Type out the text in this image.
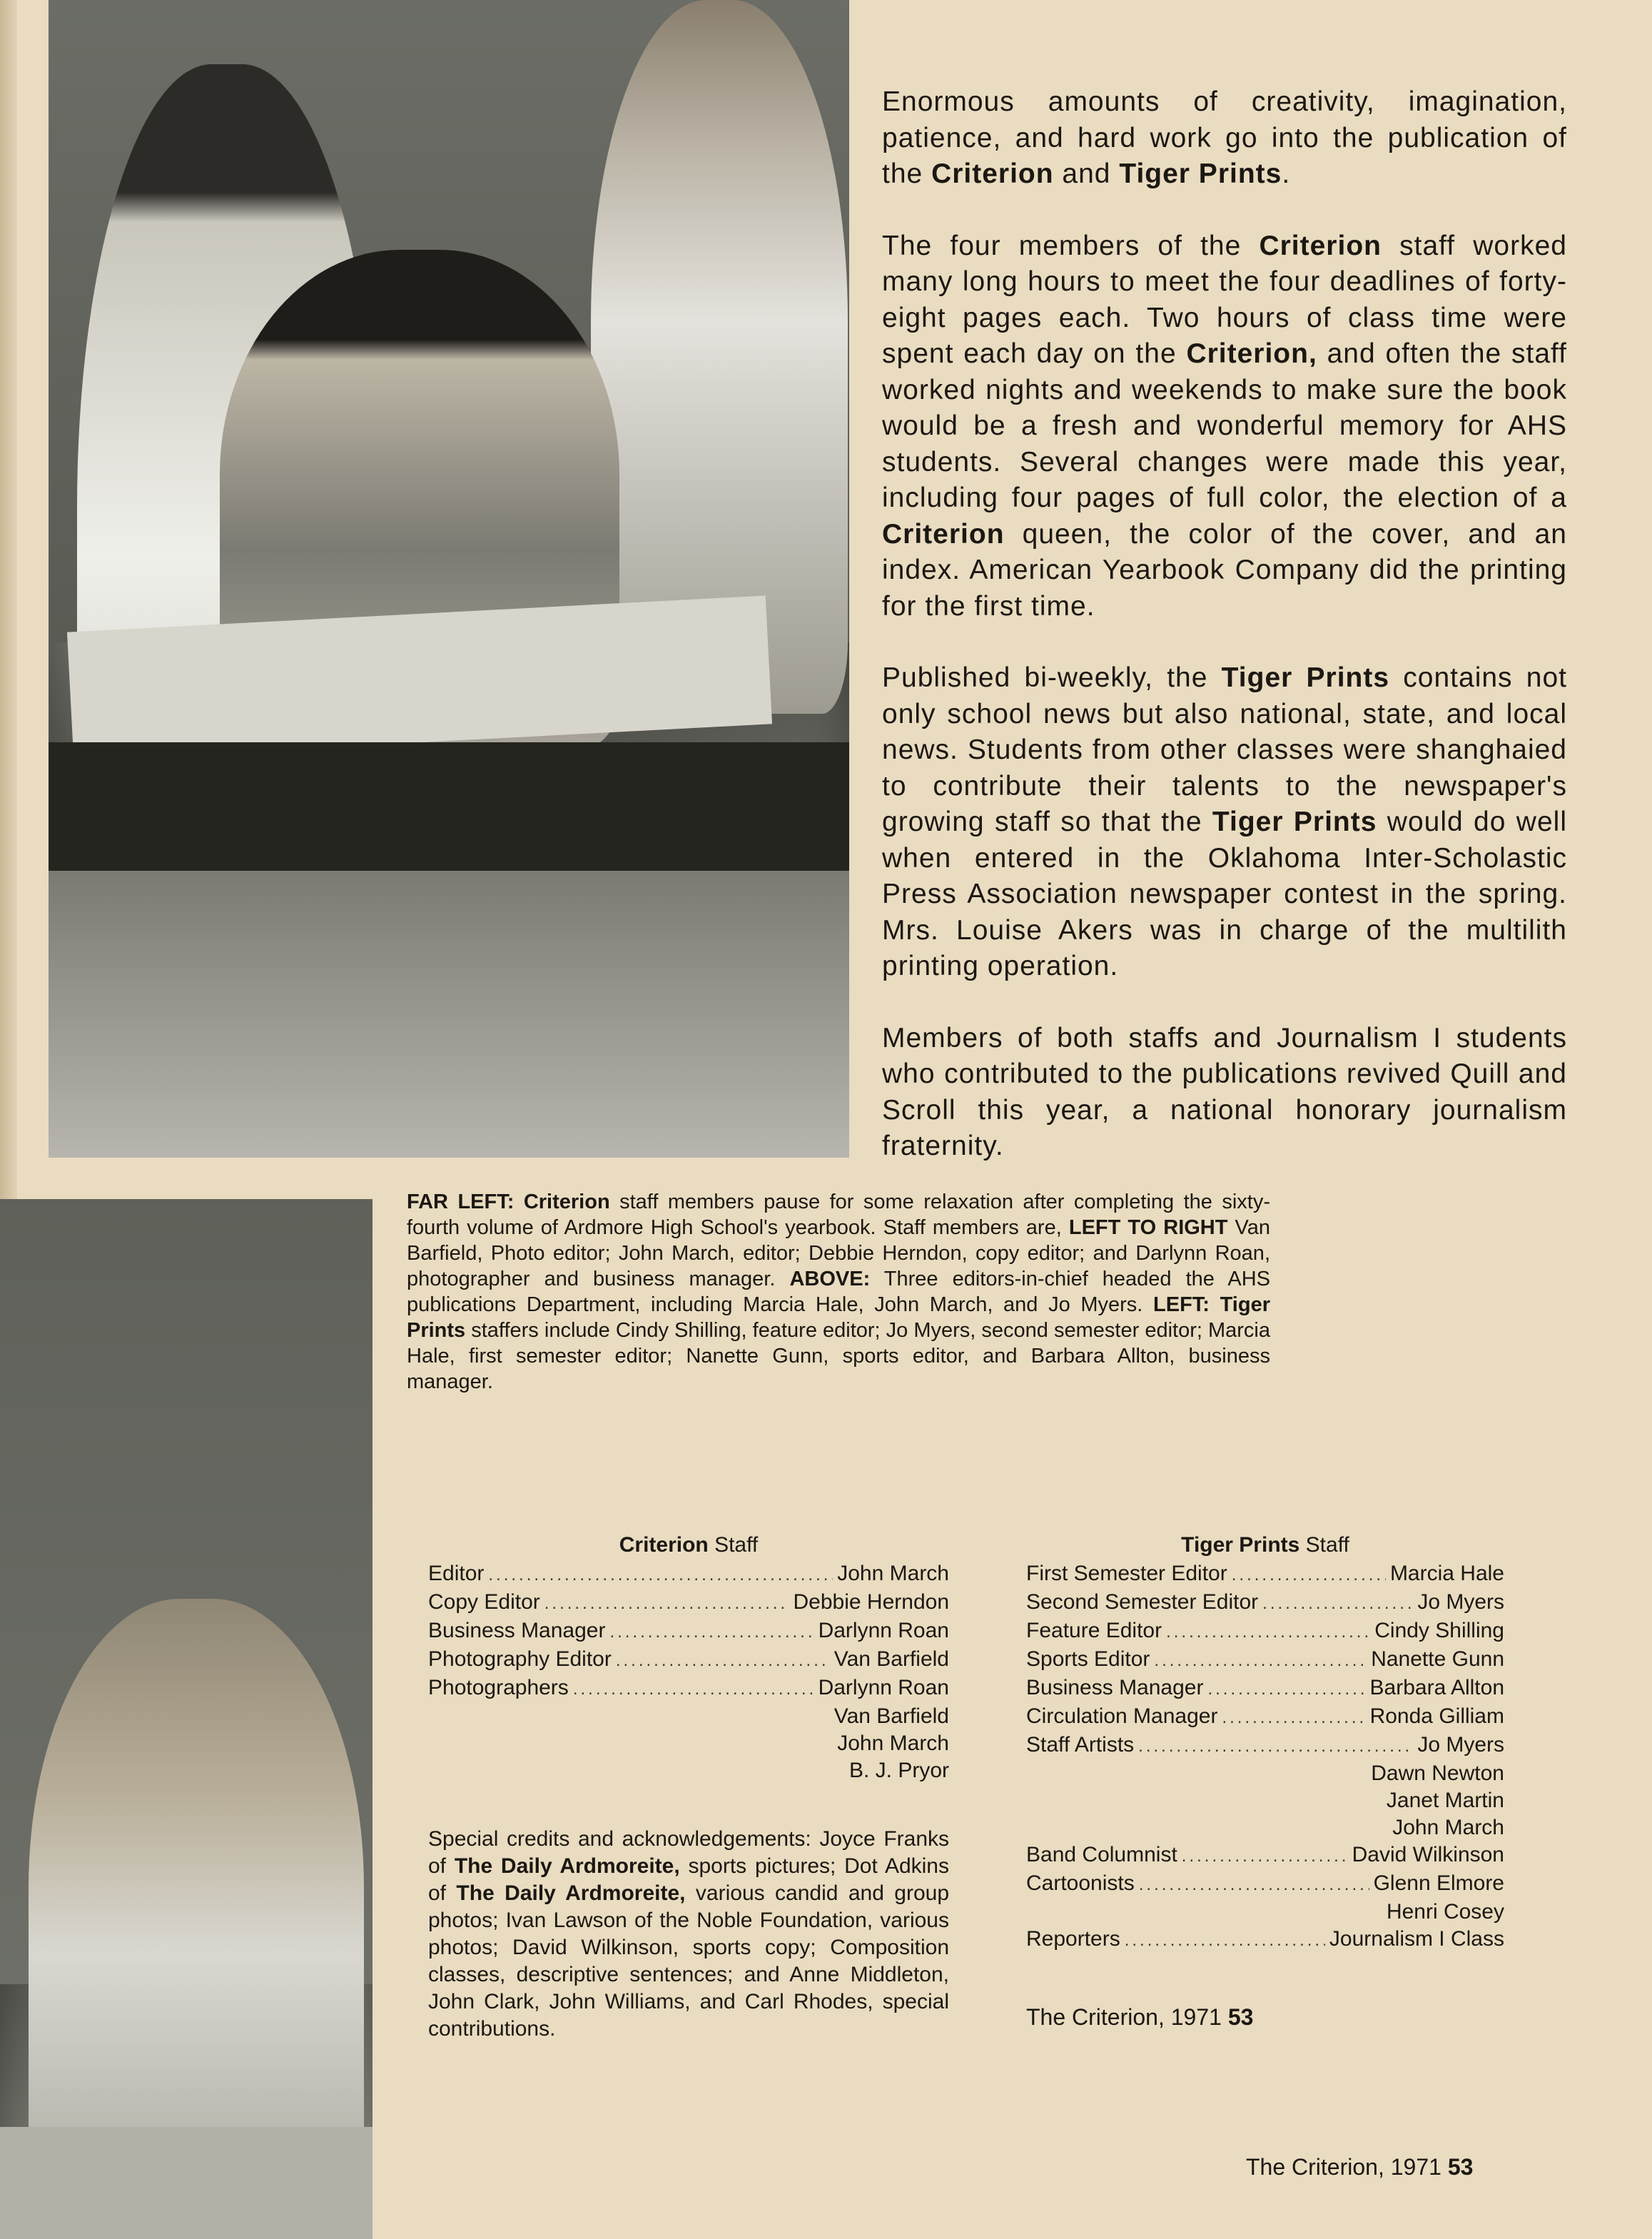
Enormous amounts of creativity, imagination, patience, and hard work go into the publication of the Criterion and Tiger Prints.

The four members of the Criterion staff worked many long hours to meet the four deadlines of forty-eight pages each. Two hours of class time were spent each day on the Criterion, and often the staff worked nights and weekends to make sure the book would be a fresh and wonderful memory for AHS students. Several changes were made this year, including four pages of full color, the election of a Criterion queen, the color of the cover, and an index. American Yearbook Company did the printing for the first time.

Published bi-weekly, the Tiger Prints contains not only school news but also national, state, and local news. Students from other classes were shanghaied to contribute their talents to the newspaper's growing staff so that the Tiger Prints would do well when entered in the Oklahoma Inter-Scholastic Press Association newspaper contest in the spring. Mrs. Louise Akers was in charge of the multilith printing operation.

Members of both staffs and Journalism I students who contributed to the publications revived Quill and Scroll this year, a national honorary journalism fraternity.

FAR LEFT: Criterion staff members pause for some relaxation after completing the sixty-fourth volume of Ardmore High School's yearbook. Staff members are, LEFT TO RIGHT Van Barfield, Photo editor; John March, editor; Debbie Herndon, copy editor; and Darlynn Roan, photographer and business manager. ABOVE: Three editors-in-chief headed the AHS publications Department, including Marcia Hale, John March, and Jo Myers. LEFT: Tiger Prints staffers include Cindy Shilling, feature editor; Jo Myers, second semester editor; Marcia Hale, first semester editor; Nanette Gunn, sports editor, and Barbara Allton, business manager.
Criterion Staff
Editor .....	John March
Copy Editor .....	Debbie Herndon
Business Manager .....	Darlynn Roan
Photography Editor .....	Van Barfield
Photographers .....	Darlynn Roan
Van Barfield
John March
B. J. Pryor
Tiger Prints Staff
First Semester Editor .....	Marcia Hale
Second Semester Editor .....	Jo Myers
Feature Editor .....	Cindy Shilling
Sports Editor .....	Nanette Gunn
Business Manager .....	Barbara Allton
Circulation Manager .....	Ronda Gilliam
Staff Artists .....	Jo Myers
Dawn Newton
Janet Martin
John March
Band Columnist .....	David Wilkinson
Cartoonists .....	Glenn Elmore
Henri Cosey
Reporters .....	Journalism I Class
Special credits and acknowledgements: Joyce Franks of The Daily Ardmoreite, sports pictures; Dot Adkins of The Daily Ardmoreite, various candid and group photos; Ivan Lawson of the Noble Foundation, various photos; David Wilkinson, sports copy; Composition classes, descriptive sentences; and Anne Middleton, John Clark, John Williams, and Carl Rhodes, special contributions.	The Criterion, 1971 53
The Criterion, 1971 53
